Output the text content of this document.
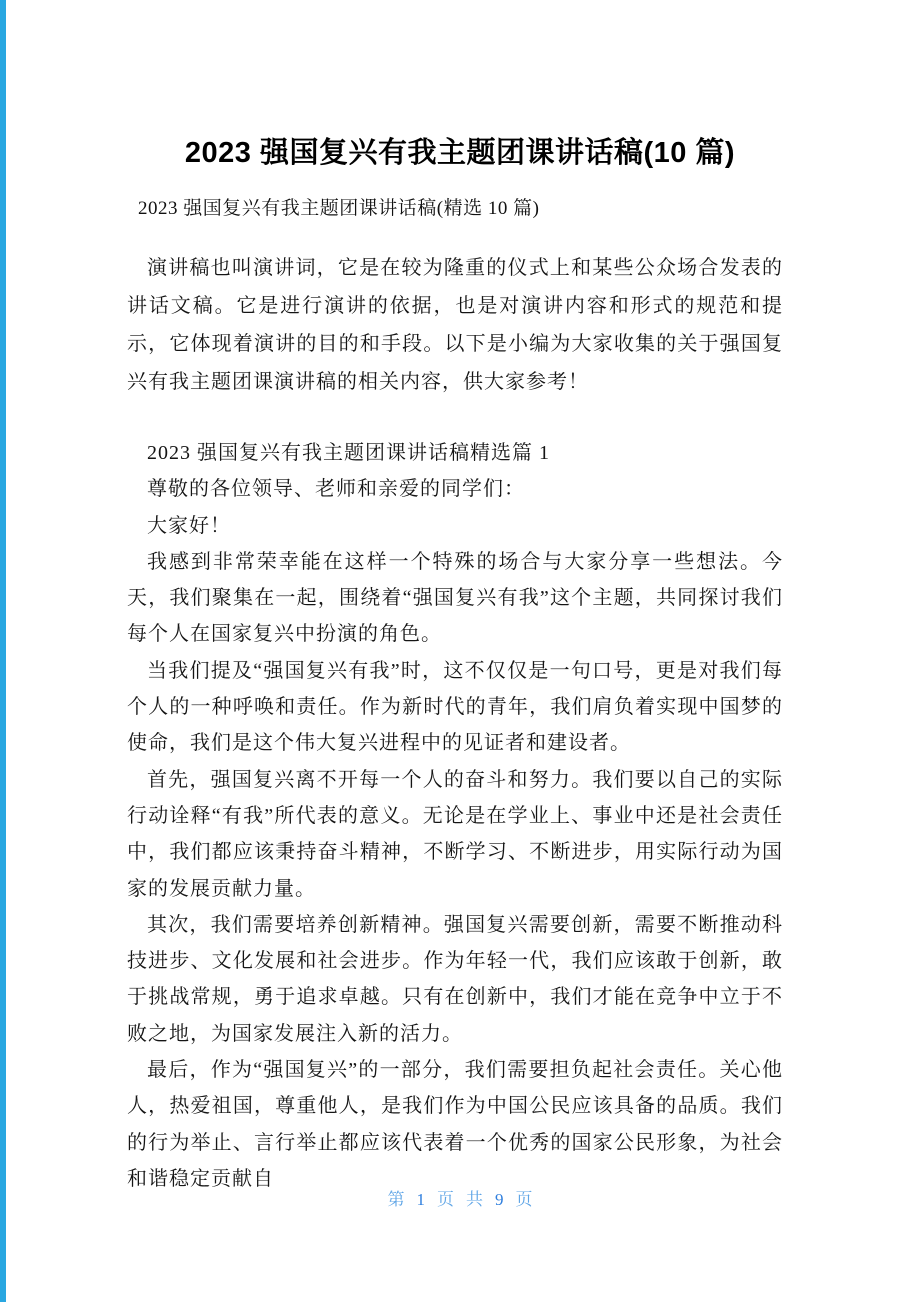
2023 强国复兴有我主题团课讲话稿(10 篇)
2023 强国复兴有我主题团课讲话稿(精选 10 篇)

演讲稿也叫演讲词，它是在较为隆重的仪式上和某些公众场合发表的讲话文稿。它是进行演讲的依据，也是对演讲内容和形式的规范和提示，它体现着演讲的目的和手段。以下是小编为大家收集的关于强国复兴有我主题团课演讲稿的相关内容，供大家参考！

2023 强国复兴有我主题团课讲话稿精选篇 1

尊敬的各位领导、老师和亲爱的同学们：

大家好！

我感到非常荣幸能在这样一个特殊的场合与大家分享一些想法。今天，我们聚集在一起，围绕着“强国复兴有我”这个主题，共同探讨我们每个人在国家复兴中扮演的角色。

当我们提及“强国复兴有我”时，这不仅仅是一句口号，更是对我们每个人的一种呼唤和责任。作为新时代的青年，我们肩负着实现中国梦的使命，我们是这个伟大复兴进程中的见证者和建设者。

首先，强国复兴离不开每一个人的奋斗和努力。我们要以自己的实际行动诠释“有我”所代表的意义。无论是在学业上、事业中还是社会责任中，我们都应该秉持奋斗精神，不断学习、不断进步，用实际行动为国家的发展贡献力量。

其次，我们需要培养创新精神。强国复兴需要创新，需要不断推动科技进步、文化发展和社会进步。作为年轻一代，我们应该敢于创新，敢于挑战常规，勇于追求卓越。只有在创新中，我们才能在竞争中立于不败之地，为国家发展注入新的活力。

最后，作为“强国复兴”的一部分，我们需要担负起社会责任。关心他人，热爱祖国，尊重他人，是我们作为中国公民应该具备的品质。我们的行为举止、言行举止都应该代表着一个优秀的国家公民形象，为社会和谐稳定贡献自

第 1 页 共 9 页
